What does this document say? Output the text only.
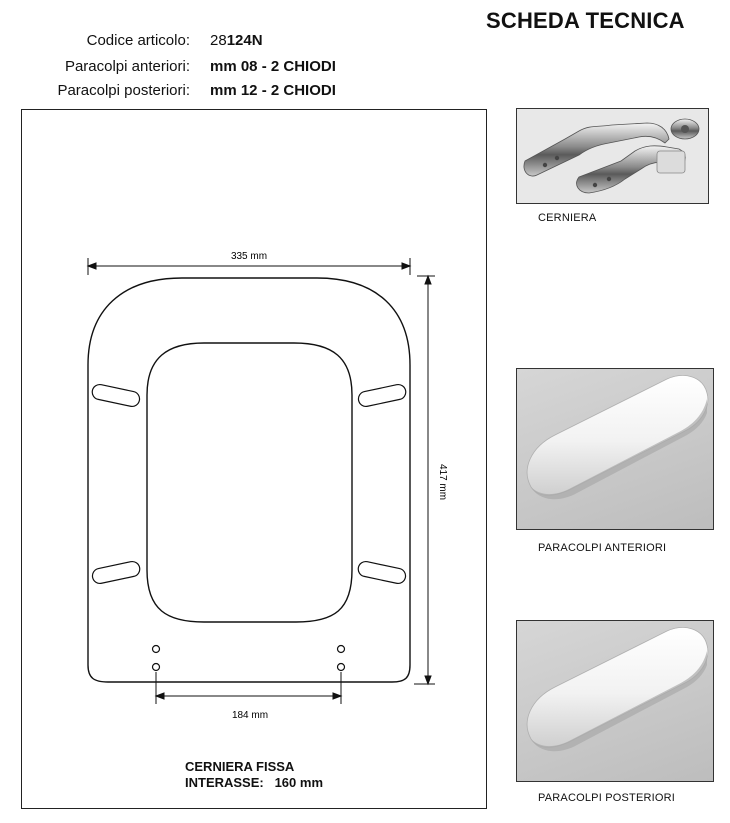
SCHEDA TECNICA
Codice articolo: 28124N
Paracolpi anteriori: mm 08 - 2 CHIODI
Paracolpi posteriori: mm 12 - 2 CHIODI
335 mm
417 mm
184 mm
CERNIERA FISSA
INTERASSE: 160 mm
CERNIERA
PARACOLPI ANTERIORI
PARACOLPI POSTERIORI
